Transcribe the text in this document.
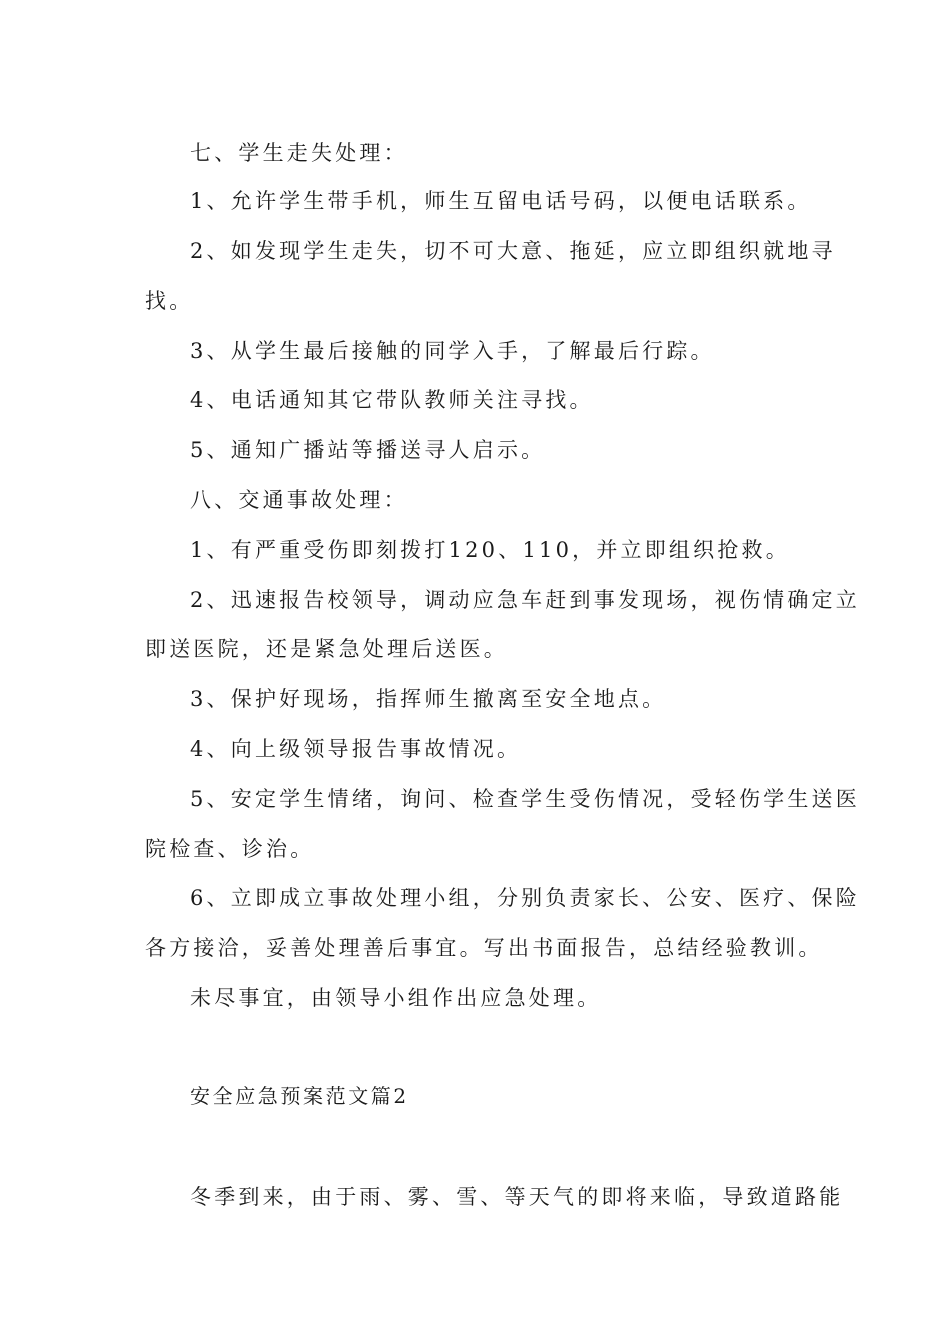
七、学生走失处理：
1、允许学生带手机，师生互留电话号码，以便电话联系。
2、如发现学生走失，切不可大意、拖延，应立即组织就地寻
找。
3、从学生最后接触的同学入手，了解最后行踪。
4、电话通知其它带队教师关注寻找。
5、通知广播站等播送寻人启示。
八、交通事故处理：
1、有严重受伤即刻拨打120、110，并立即组织抢救。
2、迅速报告校领导，调动应急车赶到事发现场，视伤情确定立
即送医院，还是紧急处理后送医。
3、保护好现场，指挥师生撤离至安全地点。
4、向上级领导报告事故情况。
5、安定学生情绪，询问、检查学生受伤情况，受轻伤学生送医
院检查、诊治。
6、立即成立事故处理小组，分别负责家长、公安、医疗、保险
各方接洽，妥善处理善后事宜。写出书面报告，总结经验教训。
未尽事宜，由领导小组作出应急处理。
安全应急预案范文篇2
冬季到来，由于雨、雾、雪、等天气的即将来临，导致道路能
